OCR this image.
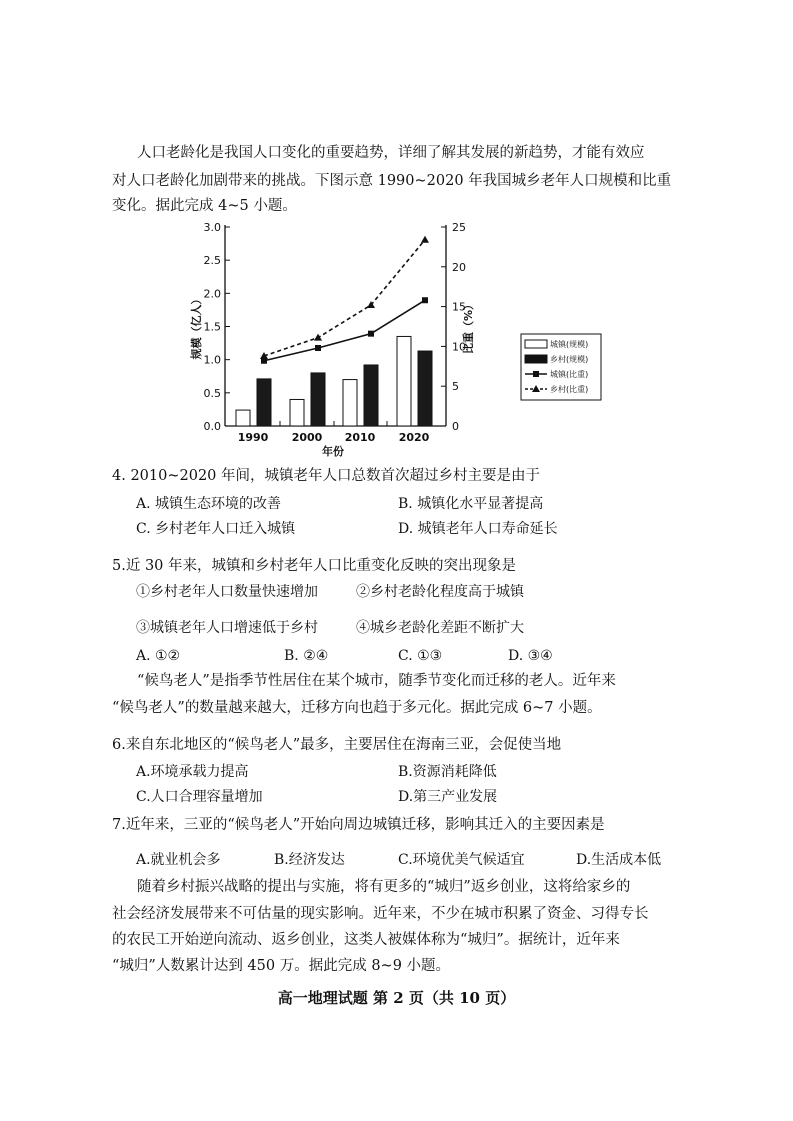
人口老龄化是我国人口变化的重要趋势，详细了解其发展的新趋势，才能有效应
对人口老龄化加剧带来的挑战。下图示意 1990~2020 年我国城乡老年人口规模和比重
变化。据此完成 4~5 小题。
0.0
0.5
1.0
1.5
2.0
2.5
3.0
0
5
10
15
20
25
1990 2000 2010 2020
年份
规模（亿人）	比重（%）	城镇(规模)
乡村(规模)
城镇(比重)
乡村(比重)
4. 2010~2020 年间，城镇老年人口总数首次超过乡村主要是由于
A. 城镇生态环境的改善	B. 城镇化水平显著提高
C. 乡村老年人口迁入城镇	D. 城镇老年人口寿命延长
5.近 30 年来，城镇和乡村老年人口比重变化反映的突出现象是
①乡村老年人口数量快速增加	②乡村老龄化程度高于城镇
③城镇老年人口增速低于乡村	④城乡老龄化差距不断扩大
A. ①②	B. ②④	C. ①③	D. ③④
“候鸟老人”是指季节性居住在某个城市，随季节变化而迁移的老人。近年来
“候鸟老人”的数量越来越大，迁移方向也趋于多元化。据此完成 6~7 小题。
6.来自东北地区的“候鸟老人”最多，主要居住在海南三亚，会促使当地
A.环境承载力提高	B.资源消耗降低
C.人口合理容量增加	D.第三产业发展
7.近年来，三亚的“候鸟老人”开始向周边城镇迁移，影响其迁入的主要因素是
A.就业机会多	B.经济发达	C.环境优美气候适宜	D.生活成本低
随着乡村振兴战略的提出与实施，将有更多的“城归”返乡创业，这将给家乡的
社会经济发展带来不可估量的现实影响。近年来，不少在城市积累了资金、习得专长
的农民工开始逆向流动、返乡创业，这类人被媒体称为“城归”。据统计，近年来
“城归”人数累计达到 450 万。据此完成 8~9 小题。
高一地理试题 第 2 页（共 10 页）
